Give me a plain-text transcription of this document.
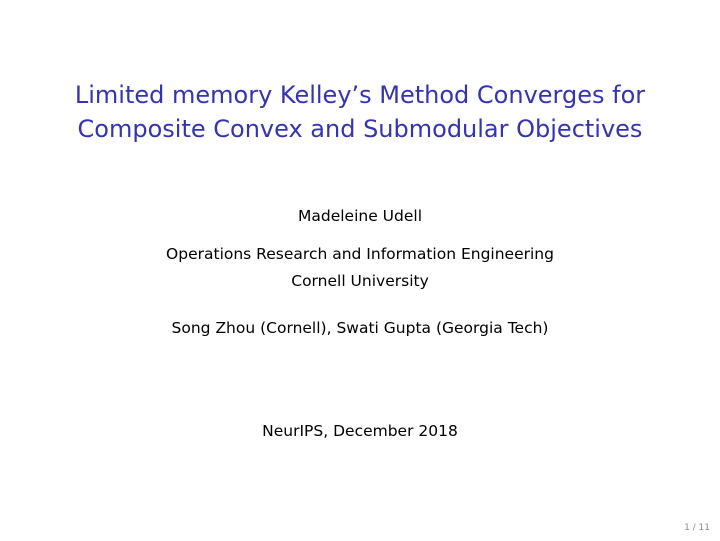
Limited memory Kelley’s Method Converges for
Composite Convex and Submodular Objectives
Madeleine Udell
Operations Research and Information Engineering
Cornell University
Song Zhou (Cornell), Swati Gupta (Georgia Tech)
NeurIPS, December 2018
1 / 11
